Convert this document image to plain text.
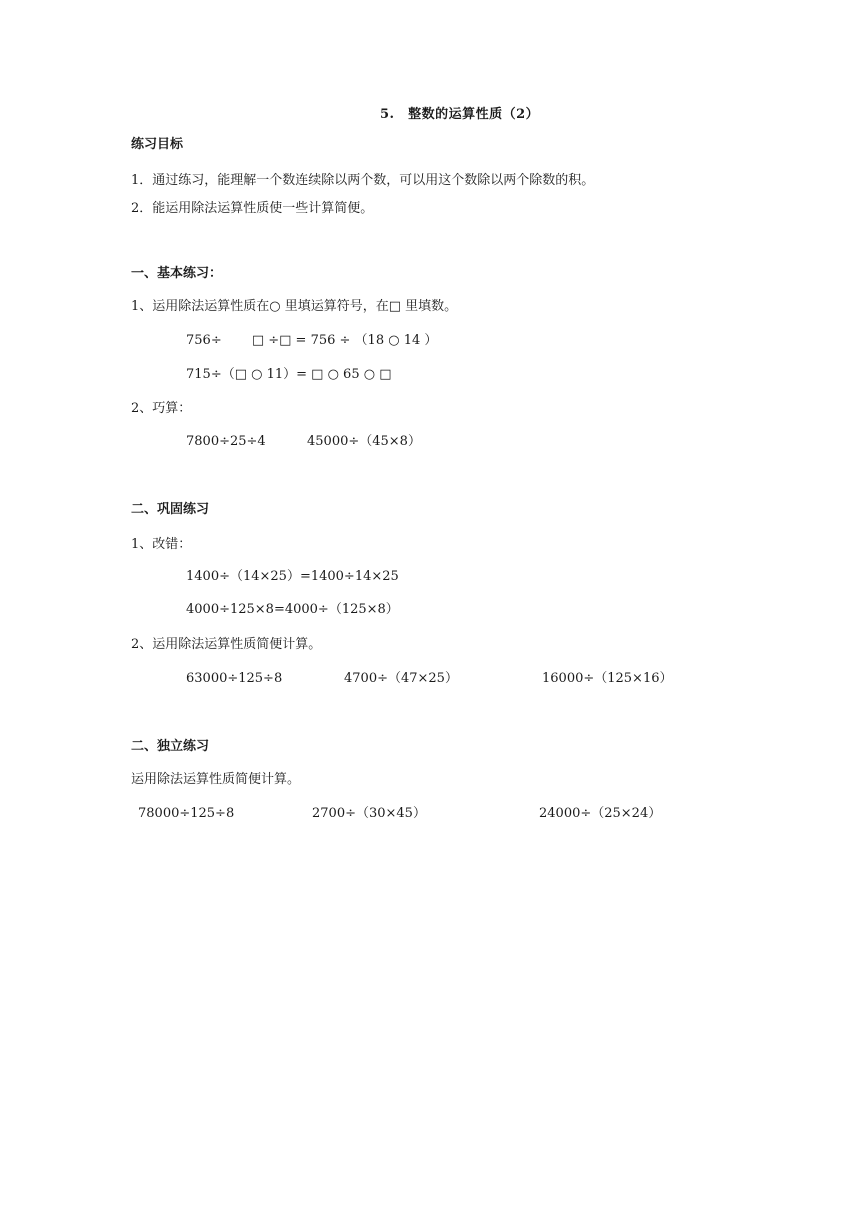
5.　整数的运算性质（2）
练习目标
1．通过练习，能理解一个数连续除以两个数，可以用这个数除以两个除数的积。
2．能运用除法运算性质使一些计算简便。
一、基本练习：
1、运用除法运算性质在○ 里填运算符号，在□ 里填数。
756÷　　 □ ÷□ = 756 ÷ （18 ○ 14 ）
715÷（□ ○ 11）= □ ○ 65 ○ □
2、巧算：
7800÷25÷4	45000÷（45×8）
二、巩固练习
1、改错：
1400÷（14×25）=1400÷14×25
4000÷125×8=4000÷（125×8）
2、运用除法运算性质简便计算。
63000÷125÷8	4700÷（47×25）	16000÷（125×16）
二、独立练习
运用除法运算性质简便计算。
78000÷125÷8	2700÷（30×45）	24000÷（25×24）
